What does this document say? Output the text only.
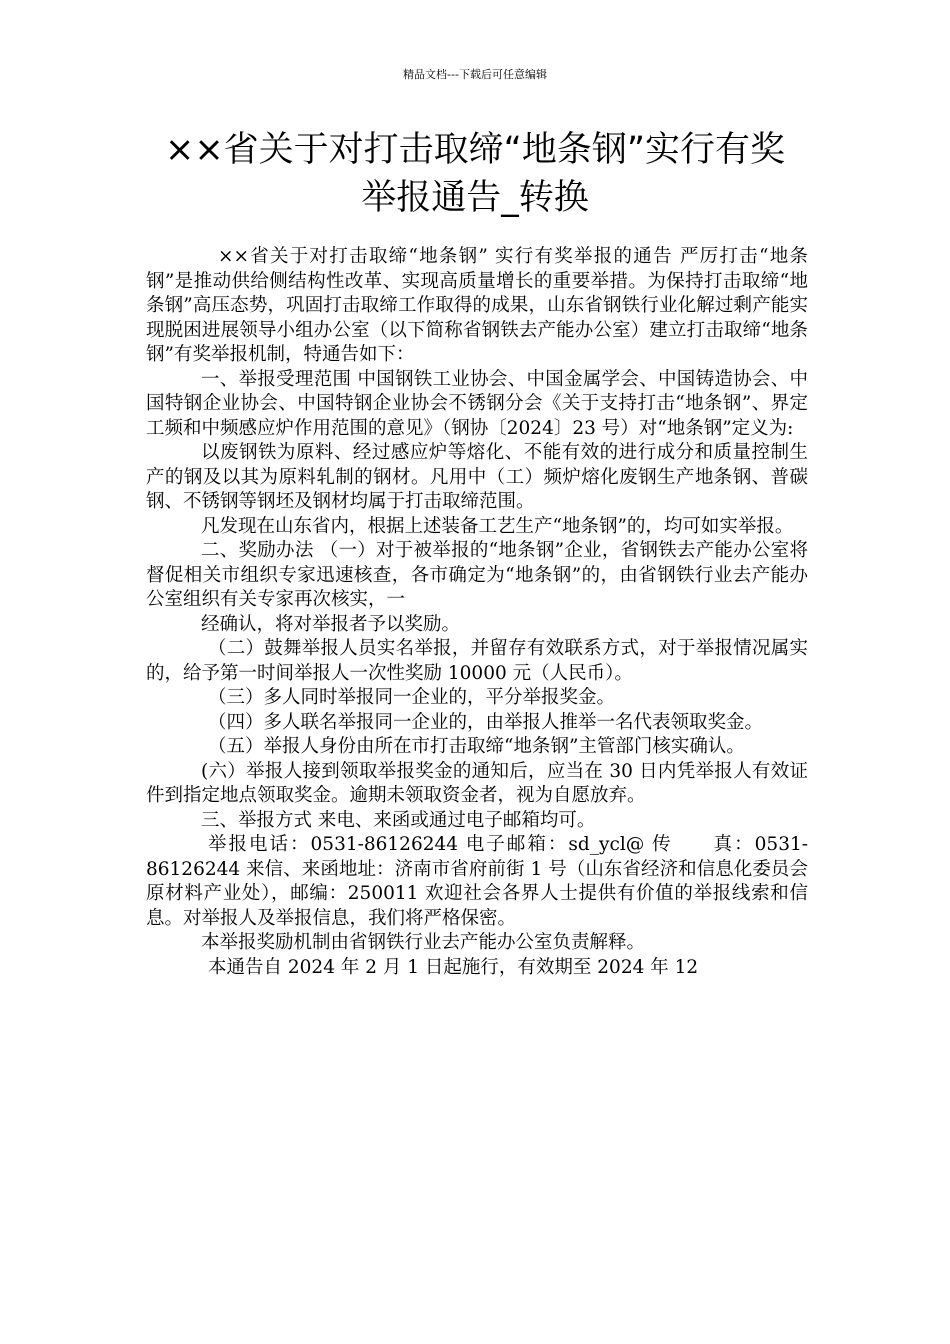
精品文档---下载后可任意编辑
××省关于对打击取缔“地条钢”实行有奖举报通告_转换

××省关于对打击取缔“地条钢” 实行有奖举报的通告 严厉打击“地条钢”是推动供给侧结构性改革、实现高质量增长的重要举措。为保持打击取缔“地条钢”高压态势，巩固打击取缔工作取得的成果，山东省钢铁行业化解过剩产能实现脱困进展领导小组办公室（以下简称省钢铁去产能办公室）建立打击取缔“地条钢”有奖举报机制，特通告如下：

一、举报受理范围 中国钢铁工业协会、中国金属学会、中国铸造协会、中国特钢企业协会、中国特钢企业协会不锈钢分会《关于支持打击“地条钢”、界定工频和中频感应炉作用范围的意见》（钢协〔2024〕23 号）对“地条钢”定义为:

以废钢铁为原料、经过感应炉等熔化、不能有效的进行成分和质量控制生产的钢及以其为原料轧制的钢材。凡用中（工）频炉熔化废钢生产地条钢、普碳钢、不锈钢等钢坯及钢材均属于打击取缔范围。

凡发现在山东省内，根据上述装备工艺生产“地条钢”的，均可如实举报。

二、奖励办法 （一）对于被举报的“地条钢”企业，省钢铁去产能办公室将督促相关市组织专家迅速核查，各市确定为“地条钢”的，由省钢铁行业去产能办公室组织有关专家再次核实，一

经确认，将对举报者予以奖励。

（二）鼓舞举报人员实名举报，并留存有效联系方式，对于举报情况属实的，给予第一时间举报人一次性奖励 10000 元（人民币）。

（三）多人同时举报同一企业的，平分举报奖金。

（四）多人联名举报同一企业的，由举报人推举一名代表领取奖金。

（五）举报人身份由所在市打击取缔“地条钢”主管部门核实确认。

(六）举报人接到领取举报奖金的通知后，应当在 30 日内凭举报人有效证件到指定地点领取奖金。逾期未领取资金者，视为自愿放弃。

三、举报方式 来电、来函或通过电子邮箱均可。

举报电话：0531-86126244 电子邮箱：sd_ycl@ 传　　真：0531-86126244 来信、来函地址：济南市省府前街 1 号（山东省经济和信息化委员会原材料产业处），邮编：250011 欢迎社会各界人士提供有价值的举报线索和信息。对举报人及举报信息，我们将严格保密。

本举报奖励机制由省钢铁行业去产能办公室负责解释。

本通告自 2024 年 2 月 1 日起施行，有效期至 2024 年 12
